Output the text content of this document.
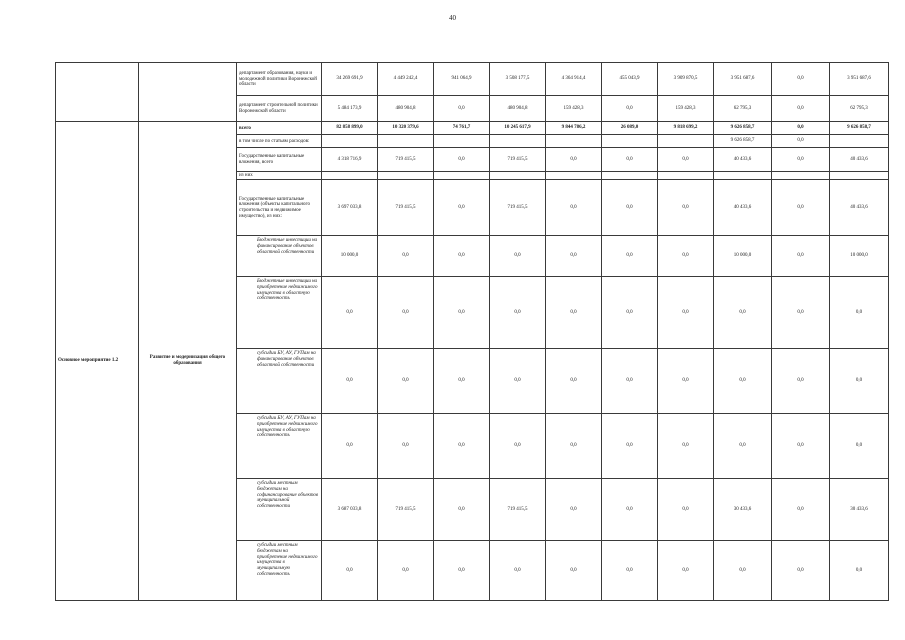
40
		департамент образования, науки и молодежной политики Воронежской области	34 269 691,9	4 449 242,4	941 064,9	3 508 177,5	4 364 914,4	455 043,9	3 909 870,5	3 951 687,6	0,0	3 951 687,6
		департамент строительной политики Воронежской области	5 484 173,9	480 904,8	0,0	480 904,8	159 428,3	0,0	159 428,3	62 795,3	0,0	62 795,3
Основное мероприятие 1.2	Развитие и модернизация общего образования	всего	82 858 899,0	10 320 379,6	74 761,7	10 245 617,9	9 844 786,2	26 089,0	9 818 699,2	9 626 858,7	0,0	9 626 858,7
		в том числе по статьям расходов:								9 626 858,7	0,0	
		Государственные капитальные вложения, всего	4 318 716,9	719 415,5	0,0	719 415,5	0,0	0,0	0,0	40 433,6	0,0	40 433,6
		из них										
		Государственные капитальные вложения (объекты капитального строительства и недвижимое имущество), из них:	3 697 033,8	719 415,5	0,0	719 415,5	0,0	0,0	0,0	40 433,6	0,0	40 433,6
		Бюджетные инвестиции на финансирование объектов областной собственности	10 000,0	0,0	0,0	0,0	0,0	0,0	0,0	10 000,0	0,0	10 000,0
		Бюджетные инвестиции на приобретение недвижимого имущества в областную собственность	0,0	0,0	0,0	0,0	0,0	0,0	0,0	0,0	0,0	0,0
		субсидии БУ, АУ, ГУПам на финансирование объектов областной собственности	0,0	0,0	0,0	0,0	0,0	0,0	0,0	0,0	0,0	0,0
		субсидии БУ, АУ, ГУПам на приобретение недвижимого имущества в областную собственность	0,0	0,0	0,0	0,0	0,0	0,0	0,0	0,0	0,0	0,0
		субсидии местным бюджетам на софинансирование объектов муниципальной собственности	3 687 033,8	719 415,5	0,0	719 415,5	0,0	0,0	0,0	30 433,6	0,0	30 433,6
		субсидии местным бюджетам на приобретение недвижимого имущества в муниципальную собственность	0,0	0,0	0,0	0,0	0,0	0,0	0,0	0,0	0,0	0,0
